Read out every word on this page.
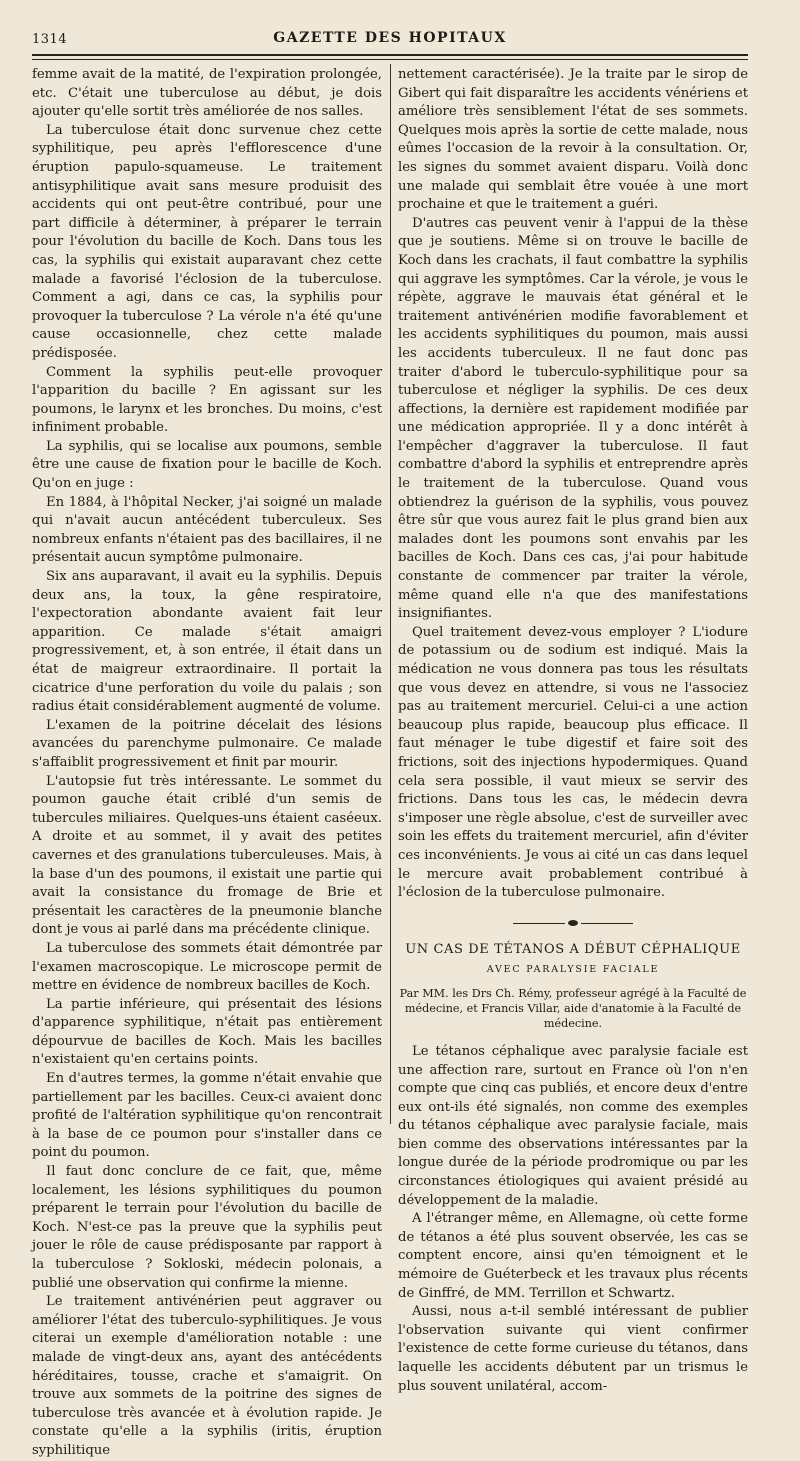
1314	GAZETTE DES HOPITAUX

femme avait de la matité, de l'expiration prolongée, etc. C'était une tuberculose au début, je dois ajouter qu'elle sortit très améliorée de nos salles.

La tuberculose était donc survenue chez cette syphilitique, peu après l'efflorescence d'une éruption papulo-squameuse. Le traitement antisyphilitique avait sans mesure produisit des accidents qui ont peut-être contribué, pour une part difficile à déterminer, à préparer le terrain pour l'évolution du bacille de Koch. Dans tous les cas, la syphilis qui existait auparavant chez cette malade a favorisé l'éclosion de la tuberculose. Comment a agi, dans ce cas, la syphilis pour provoquer la tuberculose ? La vérole n'a été qu'une cause occasionnelle, chez cette malade prédisposée.

Comment la syphilis peut-elle provoquer l'apparition du bacille ? En agissant sur les poumons, le larynx et les bronches. Du moins, c'est infiniment probable.

La syphilis, qui se localise aux poumons, semble être une cause de fixation pour le bacille de Koch. Qu'on en juge :

En 1884, à l'hôpital Necker, j'ai soigné un malade qui n'avait aucun antécédent tuberculeux. Ses nombreux enfants n'étaient pas des bacillaires, il ne présentait aucun symptôme pulmonaire.

Six ans auparavant, il avait eu la syphilis. Depuis deux ans, la toux, la gêne respiratoire, l'expectoration abondante avaient fait leur apparition. Ce malade s'était amaigri progressivement, et, à son entrée, il était dans un état de maigreur extraordinaire. Il portait la cicatrice d'une perforation du voile du palais ; son radius était considérablement augmenté de volume.

L'examen de la poitrine décelait des lésions avancées du parenchyme pulmonaire. Ce malade s'affaiblit progressivement et finit par mourir.

L'autopsie fut très intéressante. Le sommet du poumon gauche était criblé d'un semis de tubercules miliaires. Quelques-uns étaient caséeux. A droite et au sommet, il y avait des petites cavernes et des granulations tuberculeuses. Mais, à la base d'un des poumons, il existait une partie qui avait la consistance du fromage de Brie et présentait les caractères de la pneumonie blanche dont je vous ai parlé dans ma précédente clinique.

La tuberculose des sommets était démontrée par l'examen macroscopique. Le microscope permit de mettre en évidence de nombreux bacilles de Koch.

La partie inférieure, qui présentait des lésions d'apparence syphilitique, n'était pas entièrement dépourvue de bacilles de Koch. Mais les bacilles n'existaient qu'en certains points.

En d'autres termes, la gomme n'était envahie que partiellement par les bacilles. Ceux-ci avaient donc profité de l'altération syphilitique qu'on rencontrait à la base de ce poumon pour s'installer dans ce point du poumon.

Il faut donc conclure de ce fait, que, même localement, les lésions syphilitiques du poumon préparent le terrain pour l'évolution du bacille de Koch. N'est-ce pas la preuve que la syphilis peut jouer le rôle de cause prédisposante par rapport à la tuberculose ? Sokloski, médecin polonais, a publié une observation qui confirme la mienne.

Le traitement antivénérien peut aggraver ou améliorer l'état des tuberculo-syphilitiques. Je vous citerai un exemple d'amélioration notable : une malade de vingt-deux ans, ayant des antécédents héréditaires, tousse, crache et s'amaigrit. On trouve aux sommets de la poitrine des signes de tuberculose très avancée et à évolution rapide. Je constate qu'elle a la syphilis (iritis, éruption syphilitique

nettement caractérisée). Je la traite par le sirop de Gibert qui fait disparaître les accidents vénériens et améliore très sensiblement l'état de ses sommets. Quelques mois après la sortie de cette malade, nous eûmes l'occasion de la revoir à la consultation. Or, les signes du sommet avaient disparu. Voilà donc une malade qui semblait être vouée à une mort prochaine et que le traitement a guéri.

D'autres cas peuvent venir à l'appui de la thèse que je soutiens. Même si on trouve le bacille de Koch dans les crachats, il faut combattre la syphilis qui aggrave les symptômes. Car la vérole, je vous le répète, aggrave le mauvais état général et le traitement antivénérien modifie favorablement et les accidents syphilitiques du poumon, mais aussi les accidents tuberculeux. Il ne faut donc pas traiter d'abord le tuberculo-syphilitique pour sa tuberculose et négliger la syphilis. De ces deux affections, la dernière est rapidement modifiée par une médication appropriée. Il y a donc intérêt à l'empêcher d'aggraver la tuberculose. Il faut combattre d'abord la syphilis et entreprendre après le traitement de la tuberculose. Quand vous obtiendrez la guérison de la syphilis, vous pouvez être sûr que vous aurez fait le plus grand bien aux malades dont les poumons sont envahis par les bacilles de Koch. Dans ces cas, j'ai pour habitude constante de commencer par traiter la vérole, même quand elle n'a que des manifestations insignifiantes.

Quel traitement devez-vous employer ? L'iodure de potassium ou de sodium est indiqué. Mais la médication ne vous donnera pas tous les résultats que vous devez en attendre, si vous ne l'associez pas au traitement mercuriel. Celui-ci a une action beaucoup plus rapide, beaucoup plus efficace. Il faut ménager le tube digestif et faire soit des frictions, soit des injections hypodermiques. Quand cela sera possible, il vaut mieux se servir des frictions. Dans tous les cas, le médecin devra s'imposer une règle absolue, c'est de surveiller avec soin les effets du traitement mercuriel, afin d'éviter ces inconvénients. Je vous ai cité un cas dans lequel le mercure avait probablement contribué à l'éclosion de la tuberculose pulmonaire.

UN CAS DE TÉTANOS A DÉBUT CÉPHALIQUE
AVEC PARALYSIE FACIALE
Par MM. les Drs Ch. Rémy, professeur agrégé à la Faculté de médecine, et Francis Villar, aide d'anatomie à la Faculté de médecine.

Le tétanos céphalique avec paralysie faciale est une affection rare, surtout en France où l'on n'en compte que cinq cas publiés, et encore deux d'entre eux ont-ils été signalés, non comme des exemples du tétanos céphalique avec paralysie faciale, mais bien comme des observations intéressantes par la longue durée de la période prodromique ou par les circonstances étiologiques qui avaient présidé au développement de la maladie.

A l'étranger même, en Allemagne, où cette forme de tétanos a été plus souvent observée, les cas se comptent encore, ainsi qu'en témoignent et le mémoire de Guéterbeck et les travaux plus récents de Ginffré, de MM. Terrillon et Schwartz.

Aussi, nous a-t-il semblé intéressant de publier l'observation suivante qui vient confirmer l'existence de cette forme curieuse du tétanos, dans laquelle les accidents débutent par un trismus le plus souvent unilatéral, accom-
